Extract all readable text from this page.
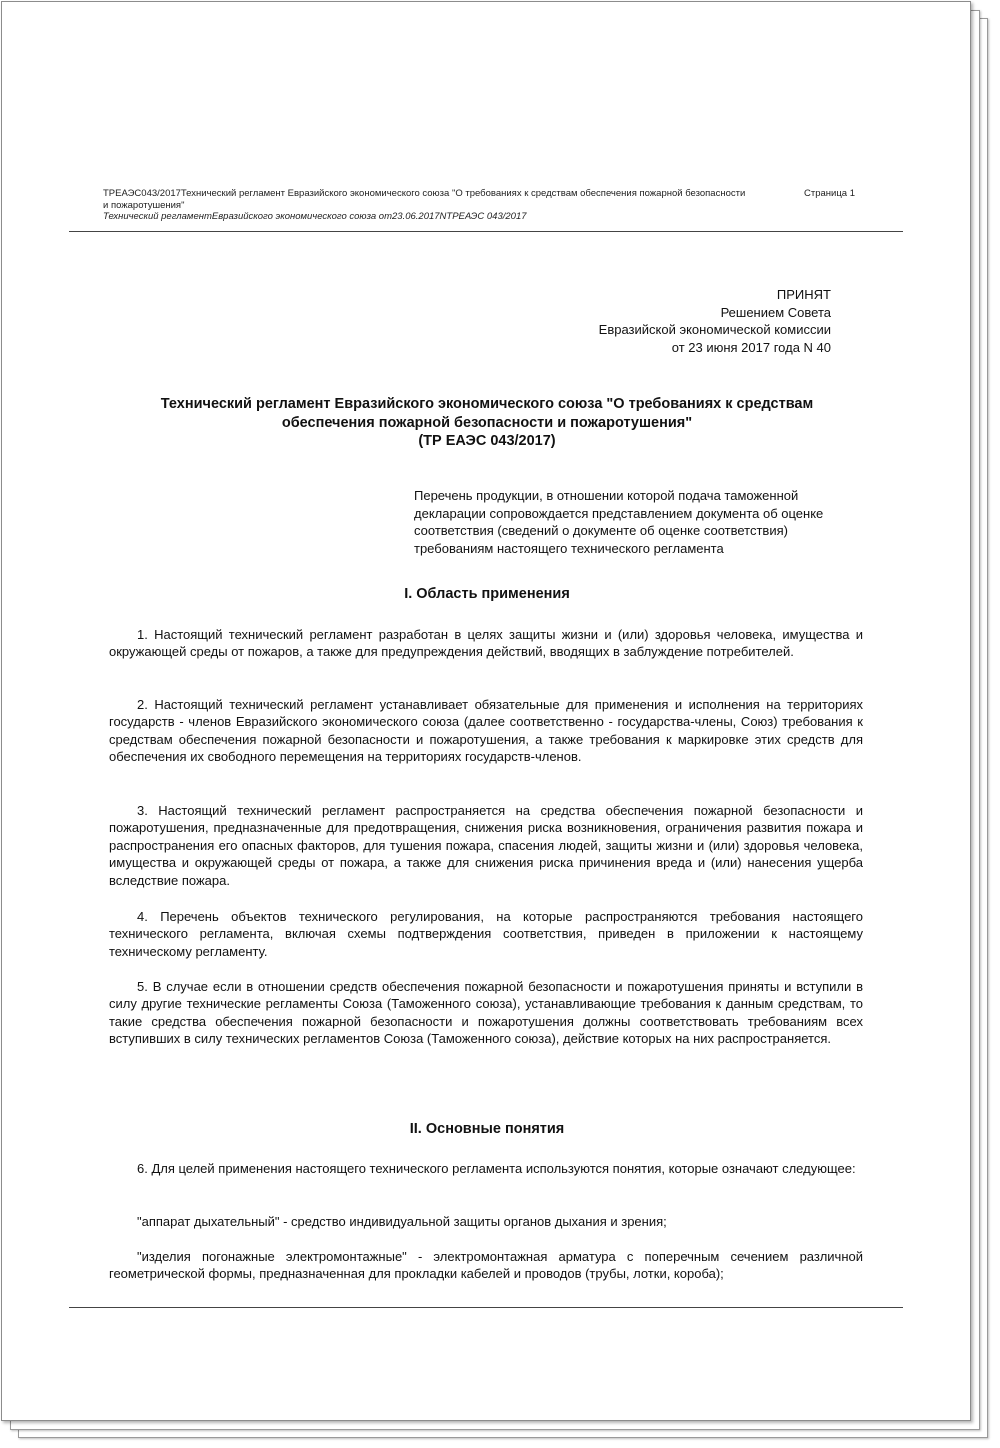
ТРЕАЭС043/2017Технический регламент Евразийского экономического союза "О требованиях к средствам обеспечения пожарной безопасности и пожаротушения"
Страница 1
Технический регламентЕвразийского экономического союза от23.06.2017NТРЕАЭС 043/2017
ПРИНЯТ
Решением Совета
Евразийской экономической комиссии
от 23 июня 2017 года N 40
Технический регламент Евразийского экономического союза "О требованиях к средствам
обеспечения пожарной безопасности и пожаротушения"
(ТР ЕАЭС 043/2017)
Перечень продукции, в отношении которой подача таможенной декларации сопровождается представлением документа об оценке соответствия (сведений о документе об оценке соответствия) требованиям настоящего технического регламента
I. Область применения
1. Настоящий технический регламент разработан в целях защиты жизни и (или) здоровья человека, имущества и окружающей среды от пожаров, а также для предупреждения действий, вводящих в заблуждение потребителей.
2. Настоящий технический регламент устанавливает обязательные для применения и исполнения на территориях государств - членов Евразийского экономического союза (далее соответственно - государства-члены, Союз) требования к средствам обеспечения пожарной безопасности и пожаротушения, а также требования к маркировке этих средств для обеспечения их свободного перемещения на территориях государств-членов.
3. Настоящий технический регламент распространяется на средства обеспечения пожарной безопасности и пожаротушения, предназначенные для предотвращения, снижения риска возникновения, ограничения развития пожара и распространения его опасных факторов, для тушения пожара, спасения людей, защиты жизни и (или) здоровья человека, имущества и окружающей среды от пожара, а также для снижения риска причинения вреда и (или) нанесения ущерба вследствие пожара.
4. Перечень объектов технического регулирования, на которые распространяются требования настоящего технического регламента, включая схемы подтверждения соответствия, приведен в приложении к настоящему техническому регламенту.
5. В случае если в отношении средств обеспечения пожарной безопасности и пожаротушения приняты и вступили в силу другие технические регламенты Союза (Таможенного союза), устанавливающие требования к данным средствам, то такие средства обеспечения пожарной безопасности и пожаротушения должны соответствовать требованиям всех вступивших в силу технических регламентов Союза (Таможенного союза), действие которых на них распространяется.
II. Основные понятия
6. Для целей применения настоящего технического регламента используются понятия, которые означают следующее:
"аппарат дыхательный" - средство индивидуальной защиты органов дыхания и зрения;
"изделия погонажные электромонтажные" - электромонтажная арматура с поперечным сечением различной геометрической формы, предназначенная для прокладки кабелей и проводов (трубы, лотки, короба);
